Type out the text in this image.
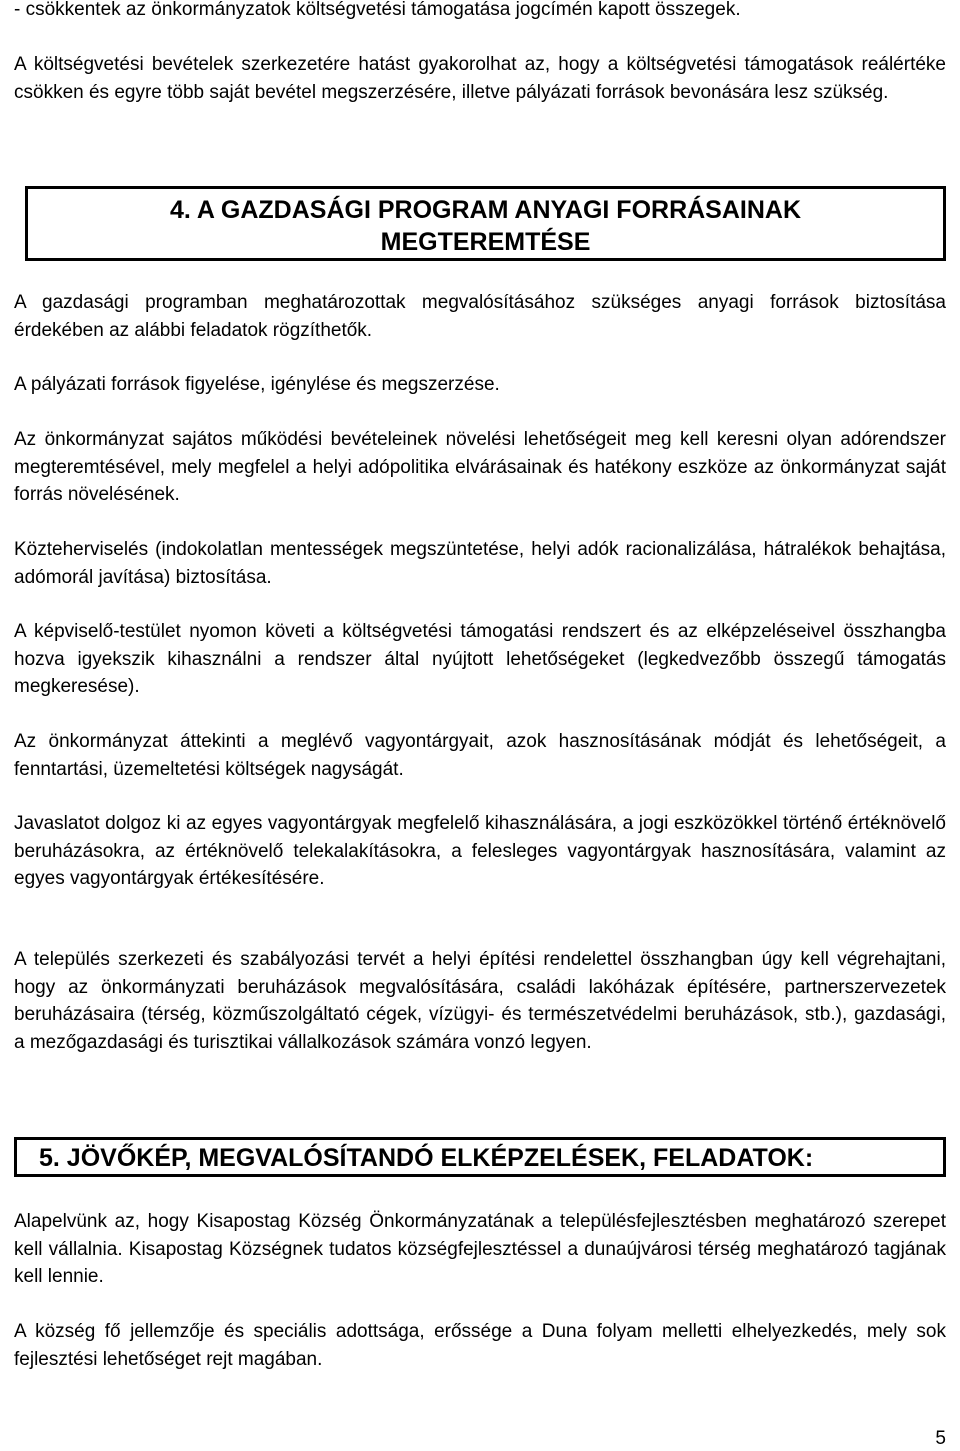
- csökkentek az önkormányzatok költségvetési támogatása jogcímén kapott összegek.

A költségvetési bevételek szerkezetére hatást gyakorolhat az, hogy a költségvetési támogatások reálértéke csökken és egyre több saját bevétel megszerzésére, illetve pályázati források bevonására lesz szükség.

4. A GAZDASÁGI PROGRAM ANYAGI FORRÁSAINAK
MEGTEREMTÉSE

A gazdasági programban meghatározottak megvalósításához szükséges anyagi források biztosítása érdekében az alábbi feladatok rögzíthetők.

A pályázati források figyelése, igénylése és megszerzése.

Az önkormányzat sajátos működési bevételeinek növelési lehetőségeit meg kell keresni olyan adórendszer megteremtésével, mely megfelel a helyi adópolitika elvárásainak és hatékony eszköze az önkormányzat saját forrás növelésének.

Közteherviselés (indokolatlan mentességek megszüntetése, helyi adók racionalizálása, hátralékok behajtása, adómorál javítása) biztosítása.

A képviselő-testület nyomon követi a költségvetési támogatási rendszert és az elképzeléseivel összhangba hozva igyekszik kihasználni a rendszer által nyújtott lehetőségeket (legkedvezőbb összegű támogatás megkeresése).

Az önkormányzat áttekinti a meglévő vagyontárgyait, azok hasznosításának módját és lehetőségeit, a fenntartási, üzemeltetési költségek nagyságát.

Javaslatot dolgoz ki az egyes vagyontárgyak megfelelő kihasználására, a jogi eszközökkel történő értéknövelő beruházásokra, az értéknövelő telekalakításokra, a felesleges vagyontárgyak hasznosítására, valamint az egyes vagyontárgyak értékesítésére.

A település szerkezeti és szabályozási tervét a helyi építési rendelettel összhangban úgy kell végrehajtani, hogy az önkormányzati beruházások megvalósítására, családi lakóházak építésére, partnerszervezetek beruházásaira (térség, közműszolgáltató cégek, vízügyi- és természetvédelmi beruházások, stb.), gazdasági, a mezőgazdasági és turisztikai vállalkozások számára vonzó legyen.

5. JÖVŐKÉP, MEGVALÓSÍTANDÓ ELKÉPZELÉSEK, FELADATOK:

Alapelvünk az, hogy Kisapostag Község Önkormányzatának a településfejlesztésben meghatározó szerepet kell vállalnia. Kisapostag Községnek tudatos községfejlesztéssel a dunaújvárosi térség meghatározó tagjának kell lennie.

A község fő jellemzője és speciális adottsága, erőssége a Duna folyam melletti elhelyezkedés, mely sok fejlesztési lehetőséget rejt magában.

5
